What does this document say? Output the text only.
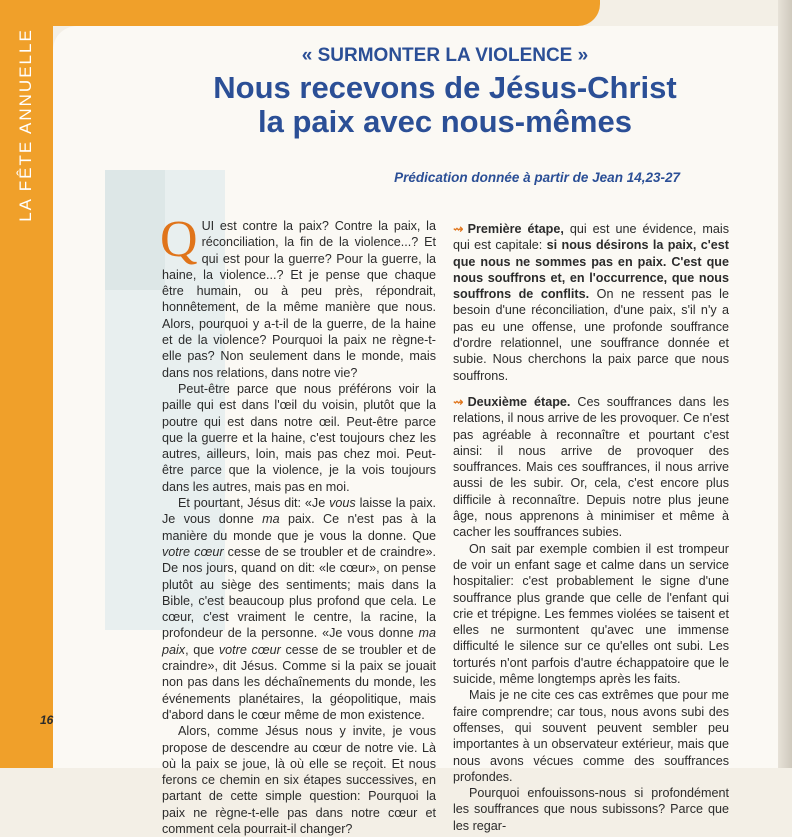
LA FÊTE ANNUELLE	« SURMONTER LA VIOLENCE »
Nous recevons de Jésus-Christ
la paix avec nous-mêmes
Prédication donnée à partir de Jean 14,23-27

QUI est contre la paix? Contre la paix, la réconciliation, la fin de la violence...? Et qui est pour la guerre? Pour la guerre, la haine, la violence...? Et je pense que chaque être humain, ou à peu près, répondrait, honnêtement, de la même manière que nous. Alors, pourquoi y a-t-il de la guerre, de la haine et de la violence? Pourquoi la paix ne règne-t-elle pas? Non seulement dans le monde, mais dans nos relations, dans notre vie?

Peut-être parce que nous préférons voir la paille qui est dans l'œil du voisin, plutôt que la poutre qui est dans notre œil. Peut-être parce que la guerre et la haine, c'est toujours chez les autres, ailleurs, loin, mais pas chez moi. Peut-être parce que la violence, je la vois toujours dans les autres, mais pas en moi.

Et pourtant, Jésus dit: «Je vous laisse la paix. Je vous donne ma paix. Ce n'est pas à la manière du monde que je vous la donne. Que votre cœur cesse de se troubler et de craindre». De nos jours, quand on dit: «le cœur», on pense plutôt au siège des sentiments; mais dans la Bible, c'est beaucoup plus profond que cela. Le cœur, c'est vraiment le centre, la racine, la profondeur de la personne. «Je vous donne ma paix, que votre cœur cesse de se troubler et de craindre», dit Jésus. Comme si la paix se jouait non pas dans les déchaînements du monde, les événements planétaires, la géopolitique, mais d'abord dans le cœur même de mon existence.

Alors, comme Jésus nous y invite, je vous propose de descendre au cœur de notre vie. Là où la paix se joue, là où elle se reçoit. Et nous ferons ce chemin en six étapes successives, en partant de cette simple question: Pourquoi la paix ne règne-t-elle pas dans notre cœur et comment cela pourrait-il changer?

⇝ Première étape, qui est une évidence, mais qui est capitale: si nous désirons la paix, c'est que nous ne sommes pas en paix. C'est que nous souffrons et, en l'occurrence, que nous souffrons de conflits. On ne ressent pas le besoin d'une réconciliation, d'une paix, s'il n'y a pas eu une offense, une profonde souffrance d'ordre relationnel, une souffrance donnée et subie. Nous cherchons la paix parce que nous souffrons.

⇝ Deuxième étape. Ces souffrances dans les relations, il nous arrive de les provoquer. Ce n'est pas agréable à reconnaître et pourtant c'est ainsi: il nous arrive de provoquer des souffrances. Mais ces souffrances, il nous arrive aussi de les subir. Or, cela, c'est encore plus difficile à reconnaître. Depuis notre plus jeune âge, nous apprenons à minimiser et même à cacher les souffrances subies.

On sait par exemple combien il est trompeur de voir un enfant sage et calme dans un service hospitalier: c'est probablement le signe d'une souffrance plus grande que celle de l'enfant qui crie et trépigne. Les femmes violées se taisent et elles ne surmontent qu'avec une immense difficulté le silence sur ce qu'elles ont subi. Les torturés n'ont parfois d'autre échappatoire que le suicide, même longtemps après les faits.

Mais je ne cite ces cas extrêmes que pour me faire comprendre; car tous, nous avons subi des offenses, qui souvent peuvent sembler peu importantes à un observateur extérieur, mais que nous avons vécues comme des souffrances profondes.

Pourquoi enfouissons-nous si profondément les souffrances que nous subissons? Parce que les regar-

16
